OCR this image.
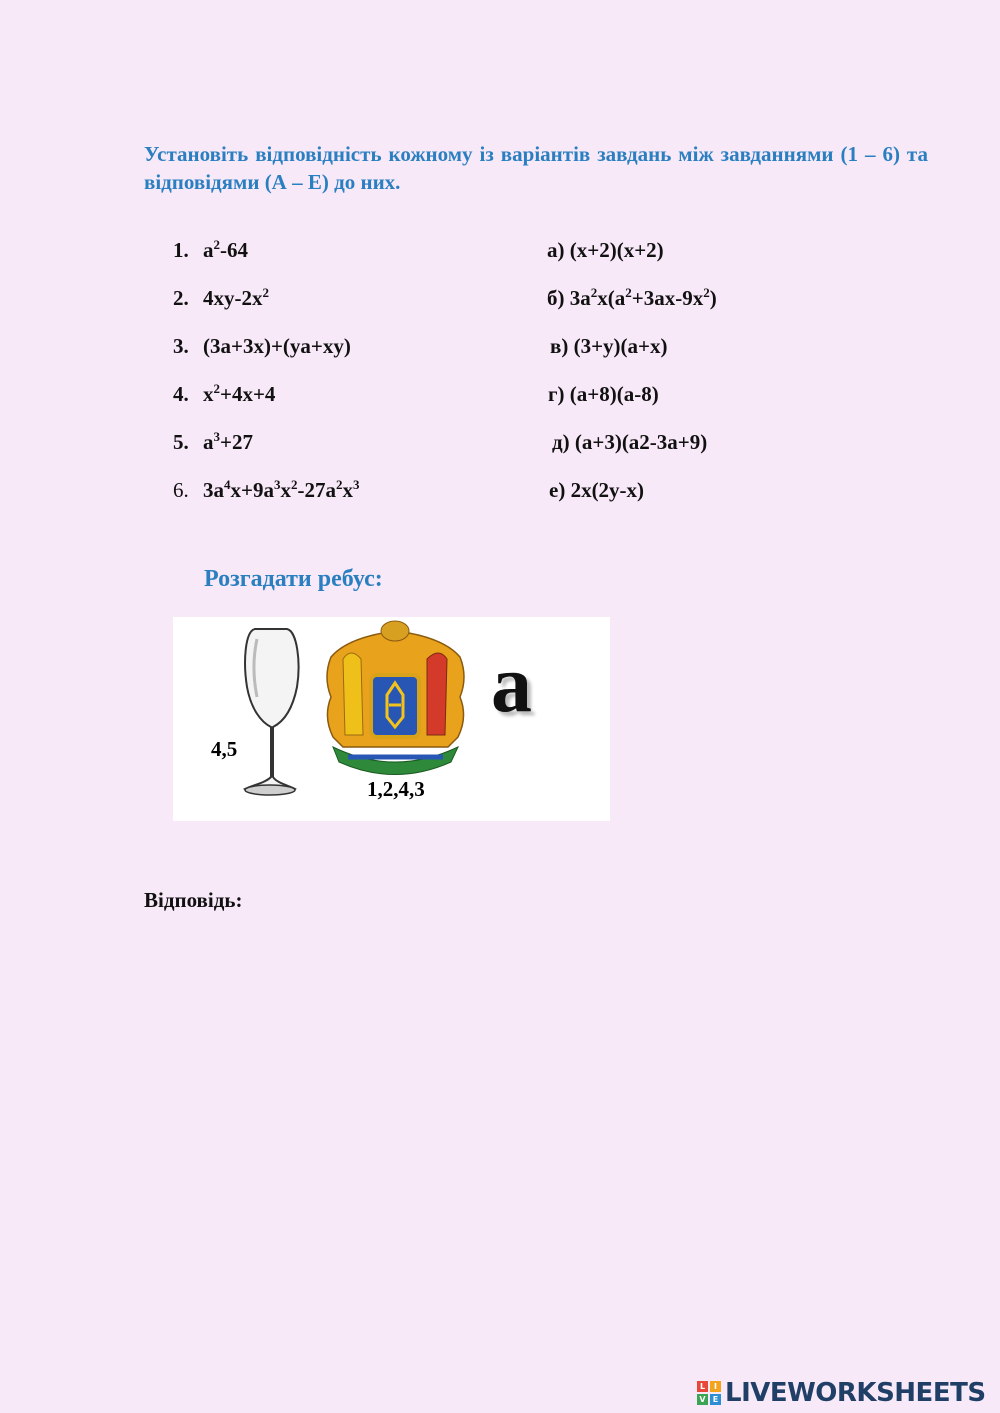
Установіть відповідність кожному із варіантів завдань між завданнями (1 – 6) та відповідями (А – Е) до них.
1. $a^2-64$
2. $4xy-2x^2$
3. (3a+3x)+(ya+xy)
4. $x^2+4x+4$
5. $a^3+27$
6. $3a^4x+9a^3x^2-27a^2x^3$
а) (x+2)(x+2)
б) $3a^2x(a^2+3ax-9x^2)$
в) (3+y)(a+x)
г) (a+8)(a-8)
д) (a+3)(a2-3a+9)
е) 2x(2y-x)
Розгадати ребус:
4,5
1,2,4,3
а
Відповідь:
L	I
V E LIVEWORKSHEETS
